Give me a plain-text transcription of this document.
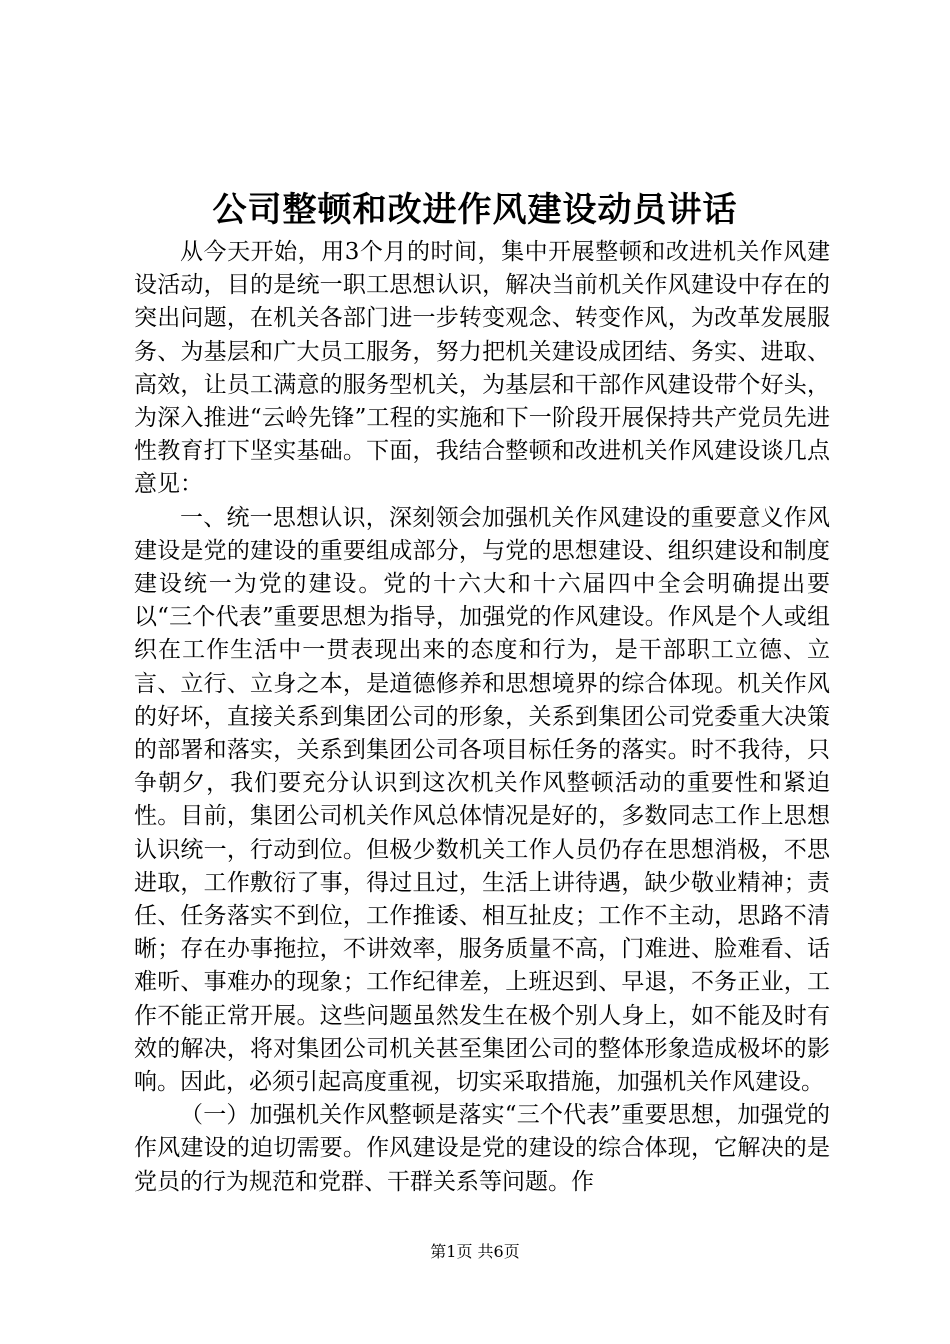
公司整顿和改进作风建设动员讲话

从今天开始，用3个月的时间，集中开展整顿和改进机关作风建设活动，目的是统一职工思想认识，解决当前机关作风建设中存在的突出问题，在机关各部门进一步转变观念、转变作风，为改革发展服务、为基层和广大员工服务，努力把机关建设成团结、务实、进取、高效，让员工满意的服务型机关，为基层和干部作风建设带个好头，为深入推进“云岭先锋”工程的实施和下一阶段开展保持共产党员先进性教育打下坚实基础。下面，我结合整顿和改进机关作风建设谈几点意见：

一、统一思想认识，深刻领会加强机关作风建设的重要意义作风建设是党的建设的重要组成部分，与党的思想建设、组织建设和制度建设统一为党的建设。党的十六大和十六届四中全会明确提出要以“三个代表”重要思想为指导，加强党的作风建设。作风是个人或组织在工作生活中一贯表现出来的态度和行为，是干部职工立德、立言、立行、立身之本，是道德修养和思想境界的综合体现。机关作风的好坏，直接关系到集团公司的形象，关系到集团公司党委重大决策的部署和落实，关系到集团公司各项目标任务的落实。时不我待，只争朝夕，我们要充分认识到这次机关作风整顿活动的重要性和紧迫性。目前，集团公司机关作风总体情况是好的，多数同志工作上思想认识统一，行动到位。但极少数机关工作人员仍存在思想消极，不思进取，工作敷衍了事，得过且过，生活上讲待遇，缺少敬业精神；责任、任务落实不到位，工作推诿、相互扯皮；工作不主动，思路不清晰；存在办事拖拉，不讲效率，服务质量不高，门难进、脸难看、话难听、事难办的现象；工作纪律差，上班迟到、早退，不务正业，工作不能正常开展。这些问题虽然发生在极个别人身上，如不能及时有效的解决，将对集团公司机关甚至集团公司的整体形象造成极坏的影响。因此，必须引起高度重视，切实采取措施，加强机关作风建设。

（一）加强机关作风整顿是落实“三个代表”重要思想，加强党的作风建设的迫切需要。作风建设是党的建设的综合体现，它解决的是党员的行为规范和党群、干群关系等问题。作

第1页 共6页
